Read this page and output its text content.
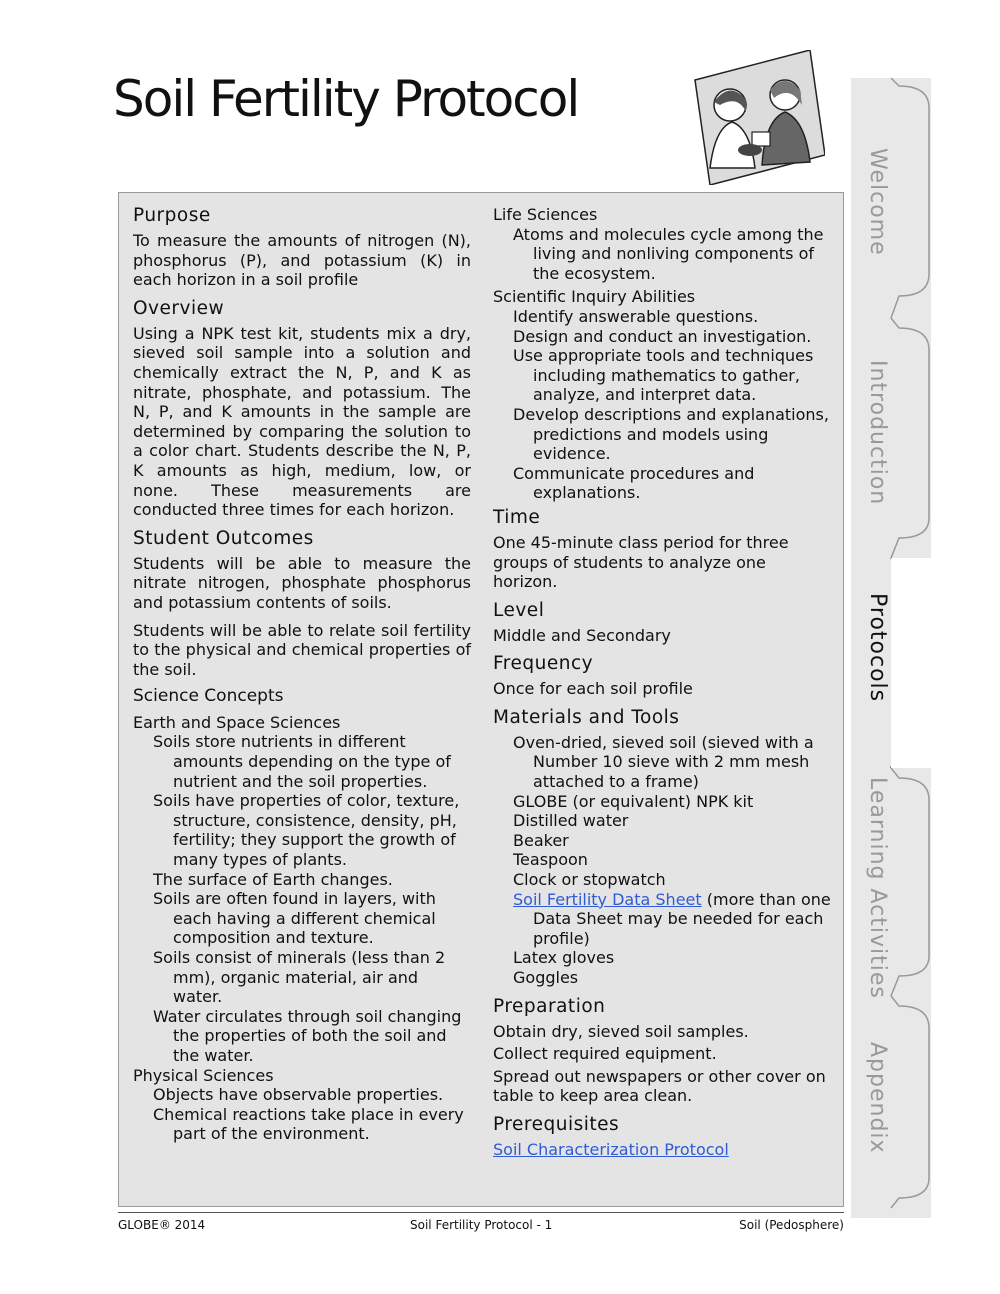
Soil Fertility Protocol
Purpose

To measure the amounts of nitrogen (N), phosphorus (P), and potassium (K) in each horizon in a soil profile

Overview

Using a NPK test kit, students mix a dry, sieved soil sample into a solution and chemically extract the N, P, and K as nitrate, phosphate, and potassium. The N, P, and K amounts in the sample are determined by comparing the solution to a color chart. Students describe the N, P, K amounts as high, medium, low, or none. These measurements are conducted three times for each horizon.

Student Outcomes

Students will be able to measure the nitrate nitrogen, phosphate phosphorus and potassium contents of soils.

Students will be able to relate soil fertility to the physical and chemical properties of the soil.

Science Concepts

Earth and Space Sciences

Soils store nutrients in different amounts depending on the type of nutrient and the soil properties.

Soils have properties of color, texture, structure, consistence, density, pH, fertility; they support the growth of many types of plants.

The surface of Earth changes.

Soils are often found in layers, with each having a different chemical composition and texture.

Soils consist of minerals (less than 2 mm), organic material, air and water.

Water circulates through soil changing the properties of both the soil and the water.

Physical Sciences

Objects have observable properties.

Chemical reactions take place in every part of the environment.

Life Sciences

Atoms and molecules cycle among the living and nonliving components of the ecosystem.

Scientific Inquiry Abilities

Identify answerable questions.

Design and conduct an investigation.

Use appropriate tools and techniques including mathematics to gather, analyze, and interpret data.

Develop descriptions and explanations, predictions and models using evidence.

Communicate procedures and explanations.

Time

One 45-minute class period for three groups of students to analyze one horizon.

Level

Middle and Secondary

Frequency

Once for each soil profile

Materials and Tools

Oven-dried, sieved soil (sieved with a Number 10 sieve with 2 mm mesh attached to a frame)

GLOBE (or equivalent) NPK kit

Distilled water

Beaker

Teaspoon

Clock or stopwatch

Soil Fertility Data Sheet (more than one Data Sheet may be needed for each profile)

Latex gloves

Goggles

Preparation

Obtain dry, sieved soil samples.

Collect required equipment.

Spread out newspapers or other cover on table to keep area clean.

Prerequisites
Soil Characterization Protocol
GLOBE® 2014	Soil Fertility Protocol - 1	Soil (Pedosphere)
Welcome
Introduction
Protocols
Learning Activities
Appendix
